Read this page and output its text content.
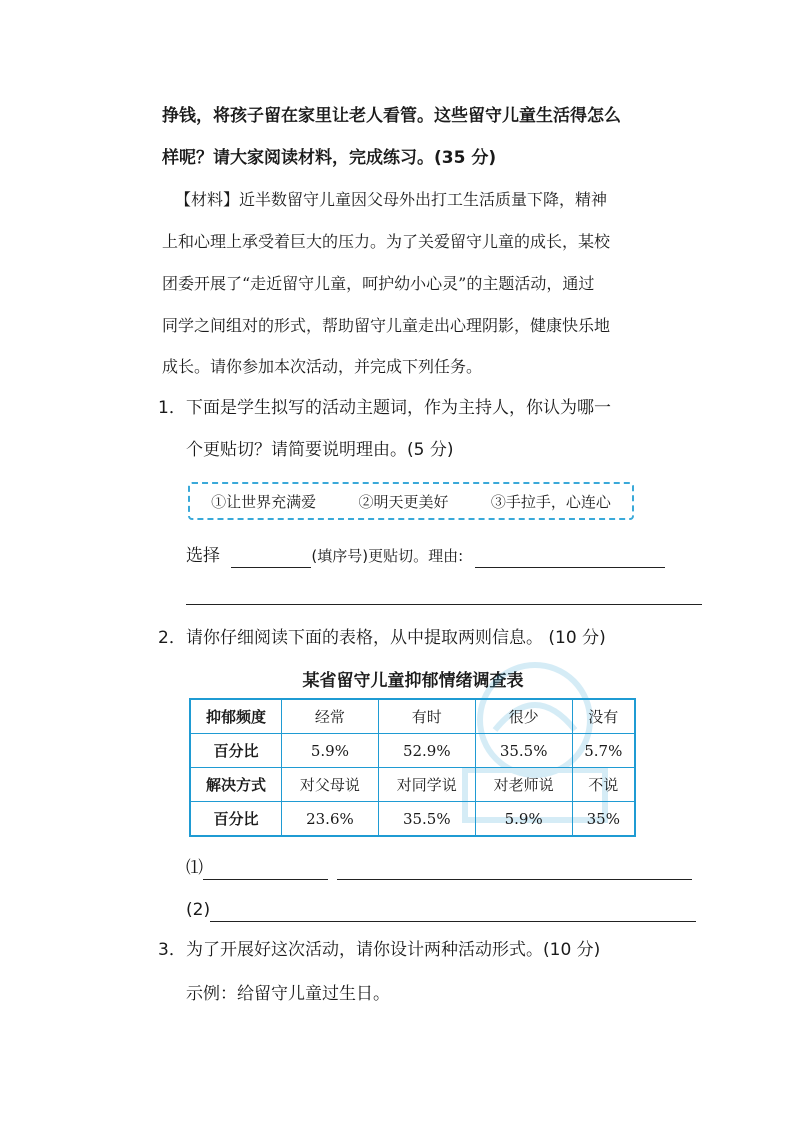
挣钱，将孩子留在家里让老人看管。这些留守儿童生活得怎么
样呢？请大家阅读材料，完成练习。(35 分)
【材料】近半数留守儿童因父母外出打工生活质量下降，精神
上和心理上承受着巨大的压力。为了关爱留守儿童的成长，某校
团委开展了“走近留守儿童，呵护幼小心灵”的主题活动，通过
同学之间组对的形式，帮助留守儿童走出心理阴影，健康快乐地
成长。请你参加本次活动，并完成下列任务。
1． 下面是学生拟写的活动主题词，作为主持人，你认为哪一
个更贴切？请简要说明理由。(5 分)
①让世界充满爱	②明天更美好	③手拉手，心连心
选择	(填序号)更贴切。理由:
2． 请你仔细阅读下面的表格，从中提取两则信息。 (10 分)
某省留守儿童抑郁情绪调查表
抑郁频度	经常	有时	很少	没有
百分比	5.9%	52.9%	35.5%	5.7%
解决方式	对父母说	对同学说	对老师说	不说
百分比	23.6%	35.5%	5.9%	35%
⑴
(2)
3． 为了开展好这次活动，请你设计两种活动形式。(10 分)
示例：给留守儿童过生日。
